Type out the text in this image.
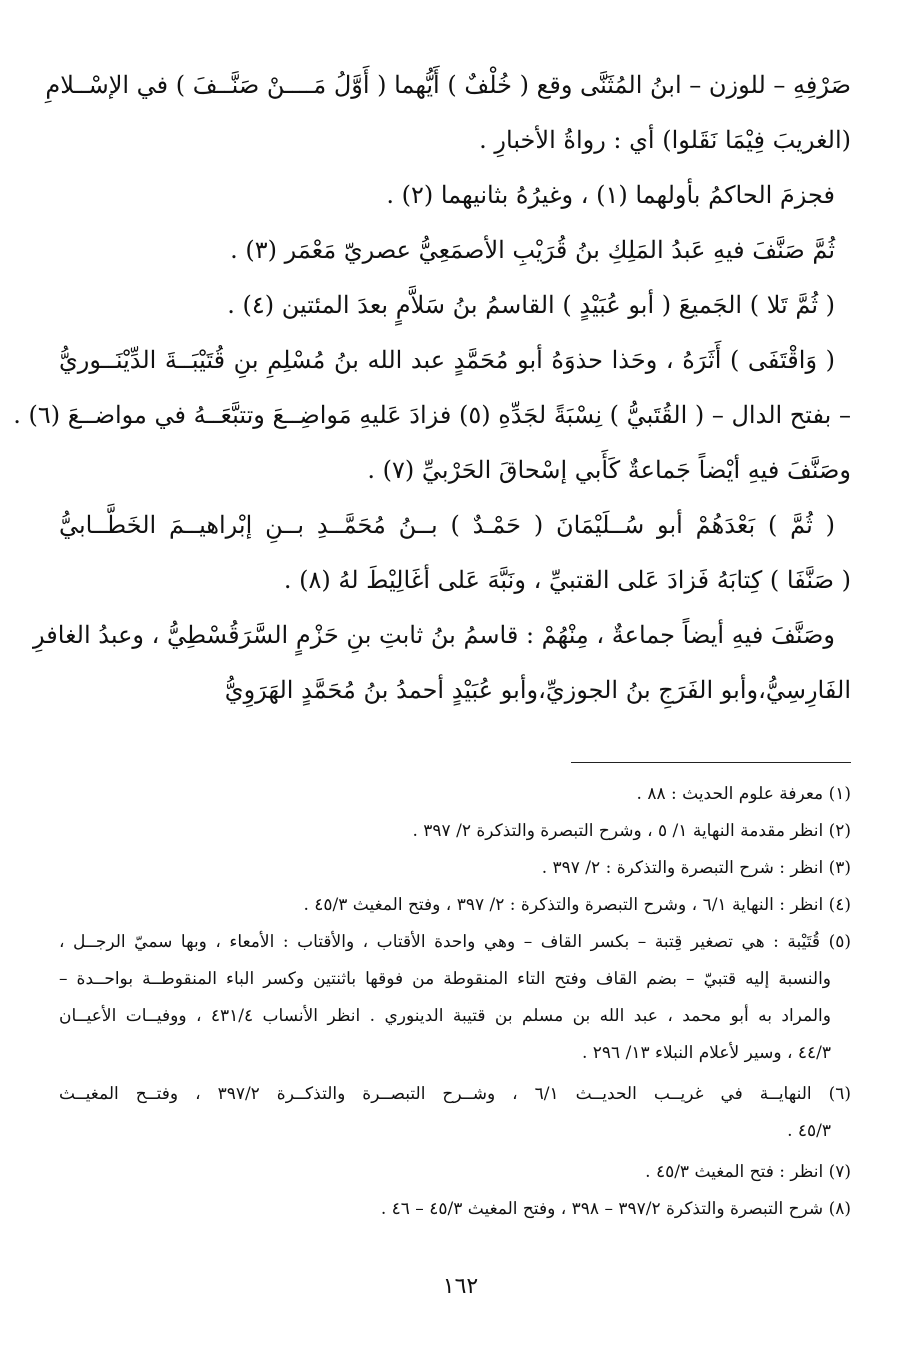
صَرْفِهِ – للوزن – ابنُ المُثَنَّى وقع ( خُلْفٌ ) أَيُّهما ( أَوَّلُ مَــــنْ صَنَّــفَ ) في الإسْــلامِ
(الغريبَ فِيْمَا نَقَلوا) أي : رواةُ الأخبارِ .
فجزمَ الحاكمُ بأولهما (١) ، وغيرُهُ بثانيهما (٢) .
ثُمَّ صَنَّفَ فيهِ عَبدُ المَلِكِ بنُ قُرَيْبِ الأصمَعِيُّ عصريّ مَعْمَر (٣) .
( ثُمَّ تَلا ) الجَميعَ ( أبو عُبَيْدٍ ) القاسمُ بنُ سَلاَّمٍ بعدَ المئتين (٤) .
( وَاقْتَفَى ) أَثَرَهُ ، وحَذا حذوَهُ أبو مُحَمَّدٍ عبد الله بنُ مُسْلِمِ بنِ قُتَيْبَــةَ الدِّيْنَــوريُّ
– بفتح الدال – ( القُتَبيُّ ) نِسْبَةً لجَدِّهِ (٥) فزادَ عَليهِ مَواضِــعَ وتتبَّعَــهُ في مواضــعَ (٦) .
وصَنَّفَ فيهِ أيْضاً جَماعةٌ كَأَبي إسْحاقَ الحَرْبيِّ (٧) .
( ثُمَّ ) بَعْدَهُمْ أبو سُــلَيْمَانَ ( حَمْـدٌ ) بــنُ مُحَمَّــدِ بــنِ إبْراهيــمَ الخَطَّــابيُّ
( صَنَّفَا ) كِتابَهُ فَزادَ عَلى القتبيِّ ، ونَبَّهَ عَلى أغَالِيْطَ لهُ (٨) .
وصَنَّفَ فيهِ أيضاً جماعةٌ ، مِنْهُمْ : قاسمُ بنُ ثابتِ بنِ حَزْمٍ السَّرَقُسْطِيُّ ، وعبدُ الغافرِ
الفَارِسِيُّ،وأبو الفَرَجِ بنُ الجوزيِّ،وأبو عُبَيْدٍ أحمدُ بنُ مُحَمَّدٍ الهَرَوِيُّ
(١) معرفة علوم الحديث : ٨٨ .
(٢) انظر مقدمة النهاية ١/ ٥ ، وشرح التبصرة والتذكرة ٢/ ٣٩٧ .
(٣) انظر : شرح التبصرة والتذكرة : ٢/ ٣٩٧ .
(٤) انظر : النهاية ٦/١ ، وشرح التبصرة والتذكرة : ٢/ ٣٩٧ ، وفتح المغيث ٤٥/٣ .
(٥) قُتَيْبة : هي تصغير قِتبة – بكسر القاف – وهي واحدة الأقتاب ، والأقتاب : الأمعاء ، وبها سميّ الرجــل ،
والنسبة إليه قتبيّ – بضم القاف وفتح التاء المنقوطة من فوقها باثنتين وكسر الباء المنقوطــة بواحــدة –
والمراد به أبو محمد ، عبد الله بن مسلم بن قتيبة الدينوري . انظر الأنساب ٤٣١/٤ ، ووفيــات الأعيــان
٤٤/٣ ، وسير لأعلام النبلاء ١٣/ ٢٩٦ .
(٦) النهايــة في غريــب الحديــث ٦/١ ، وشــرح التبصــرة والتذكــرة ٣٩٧/٢ ، وفتــح المغيــث
٤٥/٣ .
(٧) انظر : فتح المغيث ٤٥/٣ .
(٨) شرح التبصرة والتذكرة ٣٩٧/٢ – ٣٩٨ ، وفتح المغيث ٤٥/٣ – ٤٦ .
١٦٢
